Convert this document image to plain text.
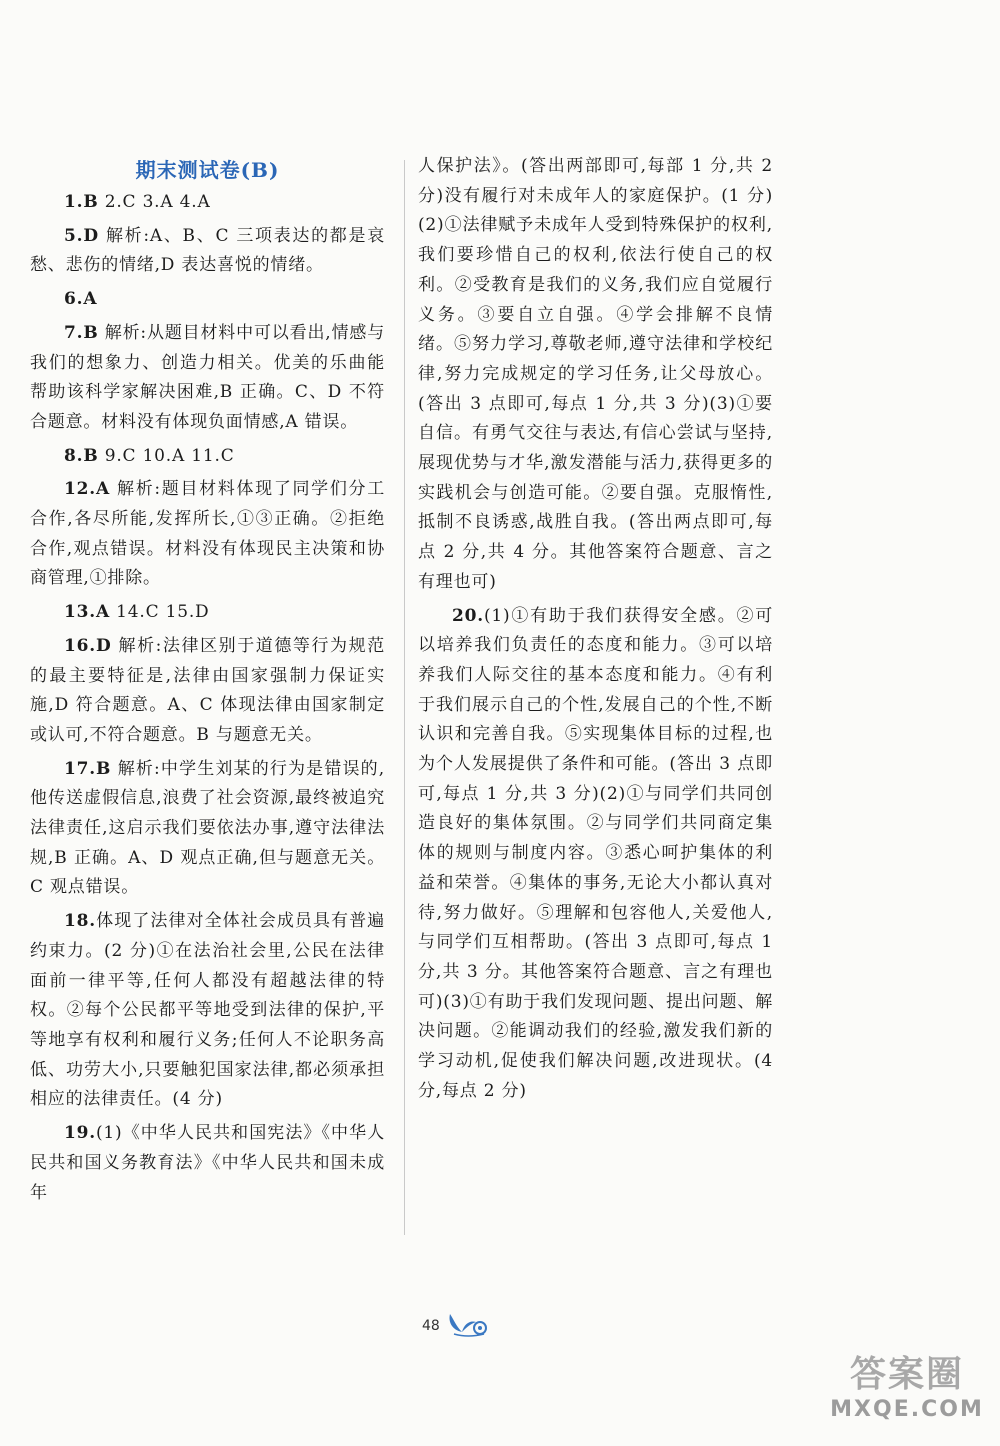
期末测试卷(B)

1.B 2.C 3.A 4.A

5.D 解析:A、B、C 三项表达的都是哀愁、悲伤的情绪,D 表达喜悦的情绪。

6.A

7.B 解析:从题目材料中可以看出,情感与我们的想象力、创造力相关。优美的乐曲能帮助该科学家解决困难,B 正确。C、D 不符合题意。材料没有体现负面情感,A 错误。

8.B 9.C 10.A 11.C

12.A 解析:题目材料体现了同学们分工合作,各尽所能,发挥所长,①③正确。②拒绝合作,观点错误。材料没有体现民主决策和协商管理,①排除。

13.A 14.C 15.D

16.D 解析:法律区别于道德等行为规范的最主要特征是,法律由国家强制力保证实施,D 符合题意。A、C 体现法律由国家制定或认可,不符合题意。B 与题意无关。

17.B 解析:中学生刘某的行为是错误的,他传送虚假信息,浪费了社会资源,最终被追究法律责任,这启示我们要依法办事,遵守法律法规,B 正确。A、D 观点正确,但与题意无关。C 观点错误。

18.体现了法律对全体社会成员具有普遍约束力。(2 分)①在法治社会里,公民在法律面前一律平等,任何人都没有超越法律的特权。②每个公民都平等地受到法律的保护,平等地享有权利和履行义务;任何人不论职务高低、功劳大小,只要触犯国家法律,都必须承担相应的法律责任。(4 分)

19.(1)《中华人民共和国宪法》《中华人民共和国义务教育法》《中华人民共和国未成年

人保护法》。(答出两部即可,每部 1 分,共 2 分)没有履行对未成年人的家庭保护。(1 分)(2)①法律赋予未成年人受到特殊保护的权利,我们要珍惜自己的权利,依法行使自己的权利。②受教育是我们的义务,我们应自觉履行义务。③要自立自强。④学会排解不良情绪。⑤努力学习,尊敬老师,遵守法律和学校纪律,努力完成规定的学习任务,让父母放心。(答出 3 点即可,每点 1 分,共 3 分)(3)①要自信。有勇气交往与表达,有信心尝试与坚持,展现优势与才华,激发潜能与活力,获得更多的实践机会与创造可能。②要自强。克服惰性,抵制不良诱惑,战胜自我。(答出两点即可,每点 2 分,共 4 分。其他答案符合题意、言之有理也可)

20.(1)①有助于我们获得安全感。②可以培养我们负责任的态度和能力。③可以培养我们人际交往的基本态度和能力。④有利于我们展示自己的个性,发展自己的个性,不断认识和完善自我。⑤实现集体目标的过程,也为个人发展提供了条件和可能。(答出 3 点即可,每点 1 分,共 3 分)(2)①与同学们共同创造良好的集体氛围。②与同学们共同商定集体的规则与制度内容。③悉心呵护集体的利益和荣誉。④集体的事务,无论大小都认真对待,努力做好。⑤理解和包容他人,关爱他人,与同学们互相帮助。(答出 3 点即可,每点 1 分,共 3 分。其他答案符合题意、言之有理也可)(3)①有助于我们发现问题、提出问题、解决问题。②能调动我们的经验,激发我们新的学习动机,促使我们解决问题,改进现状。(4 分,每点 2 分)

48
答案圈
MXQE.COM
